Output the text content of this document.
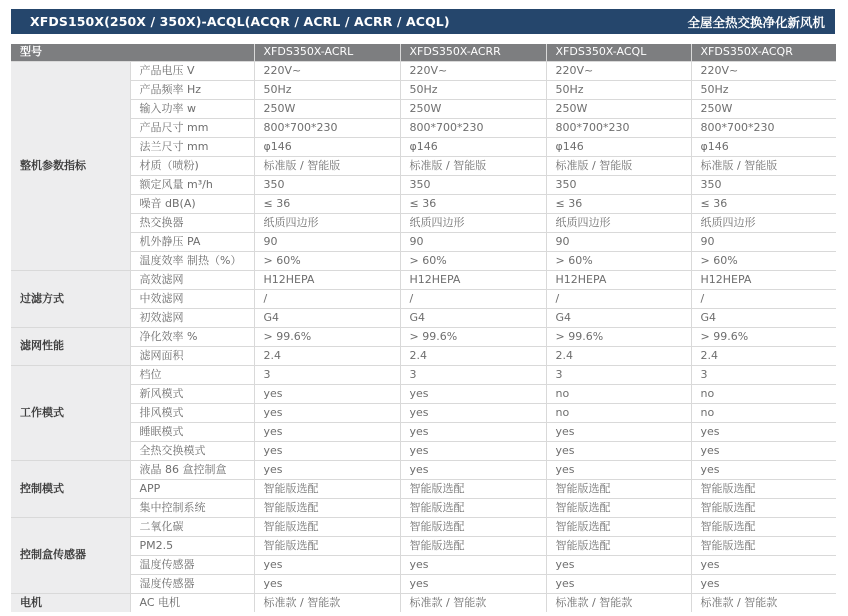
XFDS150X(250X / 350X)-ACQL(ACQR / ACRL / ACRR / ACQL)	全屋全热交换净化新风机
型号		XFDS350X-ACRL	XFDS350X-ACRR	XFDS350X-ACQL	XFDS350X-ACQR
整机参数指标	产品电压 V	220V~	220V~	220V~	220V~
	产品频率 Hz	50Hz	50Hz	50Hz	50Hz
	输入功率 w	250W	250W	250W	250W
	产品尺寸 mm	800*700*230	800*700*230	800*700*230	800*700*230
	法兰尺寸 mm	φ146	φ146	φ146	φ146
	材质（喷粉)	标准版 / 智能版	标准版 / 智能版	标准版 / 智能版	标准版 / 智能版
	额定风量 m³/h	350	350	350	350
	噪音 dB(A)	≤ 36	≤ 36	≤ 36	≤ 36
	热交换器	纸质四边形	纸质四边形	纸质四边形	纸质四边形
	机外静压 PA	90	90	90	90
	温度效率 制热（%）	> 60%	> 60%	> 60%	> 60%
过滤方式	高效滤网	H12HEPA	H12HEPA	H12HEPA	H12HEPA
	中效滤网	/	/	/	/
	初效滤网	G4	G4	G4	G4
滤网性能	净化效率 %	> 99.6%	> 99.6%	> 99.6%	> 99.6%
	滤网面积	2.4	2.4	2.4	2.4
工作模式	档位	3	3	3	3
	新风模式	yes	yes	no	no
	排风模式	yes	yes	no	no
	睡眠模式	yes	yes	yes	yes
	全热交换模式	yes	yes	yes	yes
控制模式	液晶 86 盒控制盒	yes	yes	yes	yes
	APP	智能版选配	智能版选配	智能版选配	智能版选配
	集中控制系统	智能版选配	智能版选配	智能版选配	智能版选配
控制盒传感器	二氧化碳	智能版选配	智能版选配	智能版选配	智能版选配
	PM2.5	智能版选配	智能版选配	智能版选配	智能版选配
	温度传感器	yes	yes	yes	yes
	湿度传感器	yes	yes	yes	yes
电机	AC 电机	标准款 / 智能款	标准款 / 智能款	标准款 / 智能款	标准款 / 智能款
